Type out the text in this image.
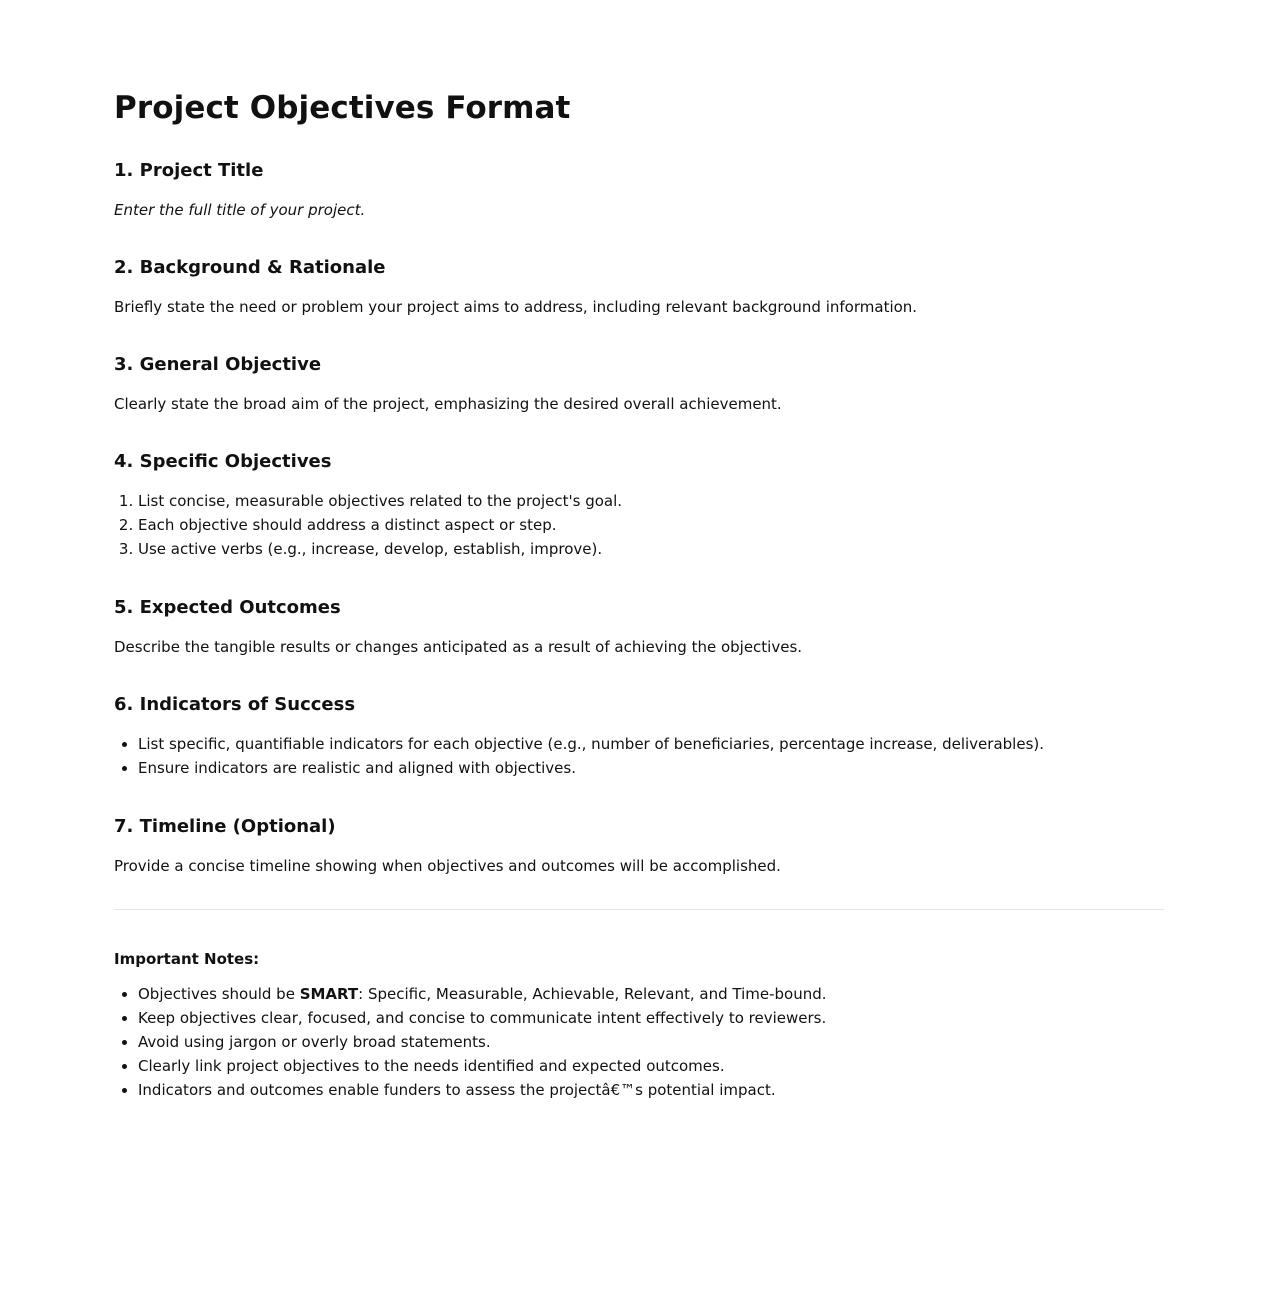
Project Objectives Format
1. Project Title

Enter the full title of your project.

2. Background & Rationale

Briefly state the need or problem your project aims to address, including relevant background information.

3. General Objective

Clearly state the broad aim of the project, emphasizing the desired overall achievement.

4. Specific Objectives
1. List concise, measurable objectives related to the project's goal.
2. Each objective should address a distinct aspect or step.
3. Use active verbs (e.g., increase, develop, establish, improve).
5. Expected Outcomes

Describe the tangible results or changes anticipated as a result of achieving the objectives.

6. Indicators of Success
• List specific, quantifiable indicators for each objective (e.g., number of beneficiaries, percentage increase, deliverables).
• Ensure indicators are realistic and aligned with objectives.
7. Timeline (Optional)

Provide a concise timeline showing when objectives and outcomes will be accomplished.

Important Notes:

• Objectives should be SMART: Specific, Measurable, Achievable, Relevant, and Time-bound.
• Keep objectives clear, focused, and concise to communicate intent effectively to reviewers.
• Avoid using jargon or overly broad statements.
• Clearly link project objectives to the needs identified and expected outcomes.
• Indicators and outcomes enable funders to assess the projectâ€™s potential impact.
